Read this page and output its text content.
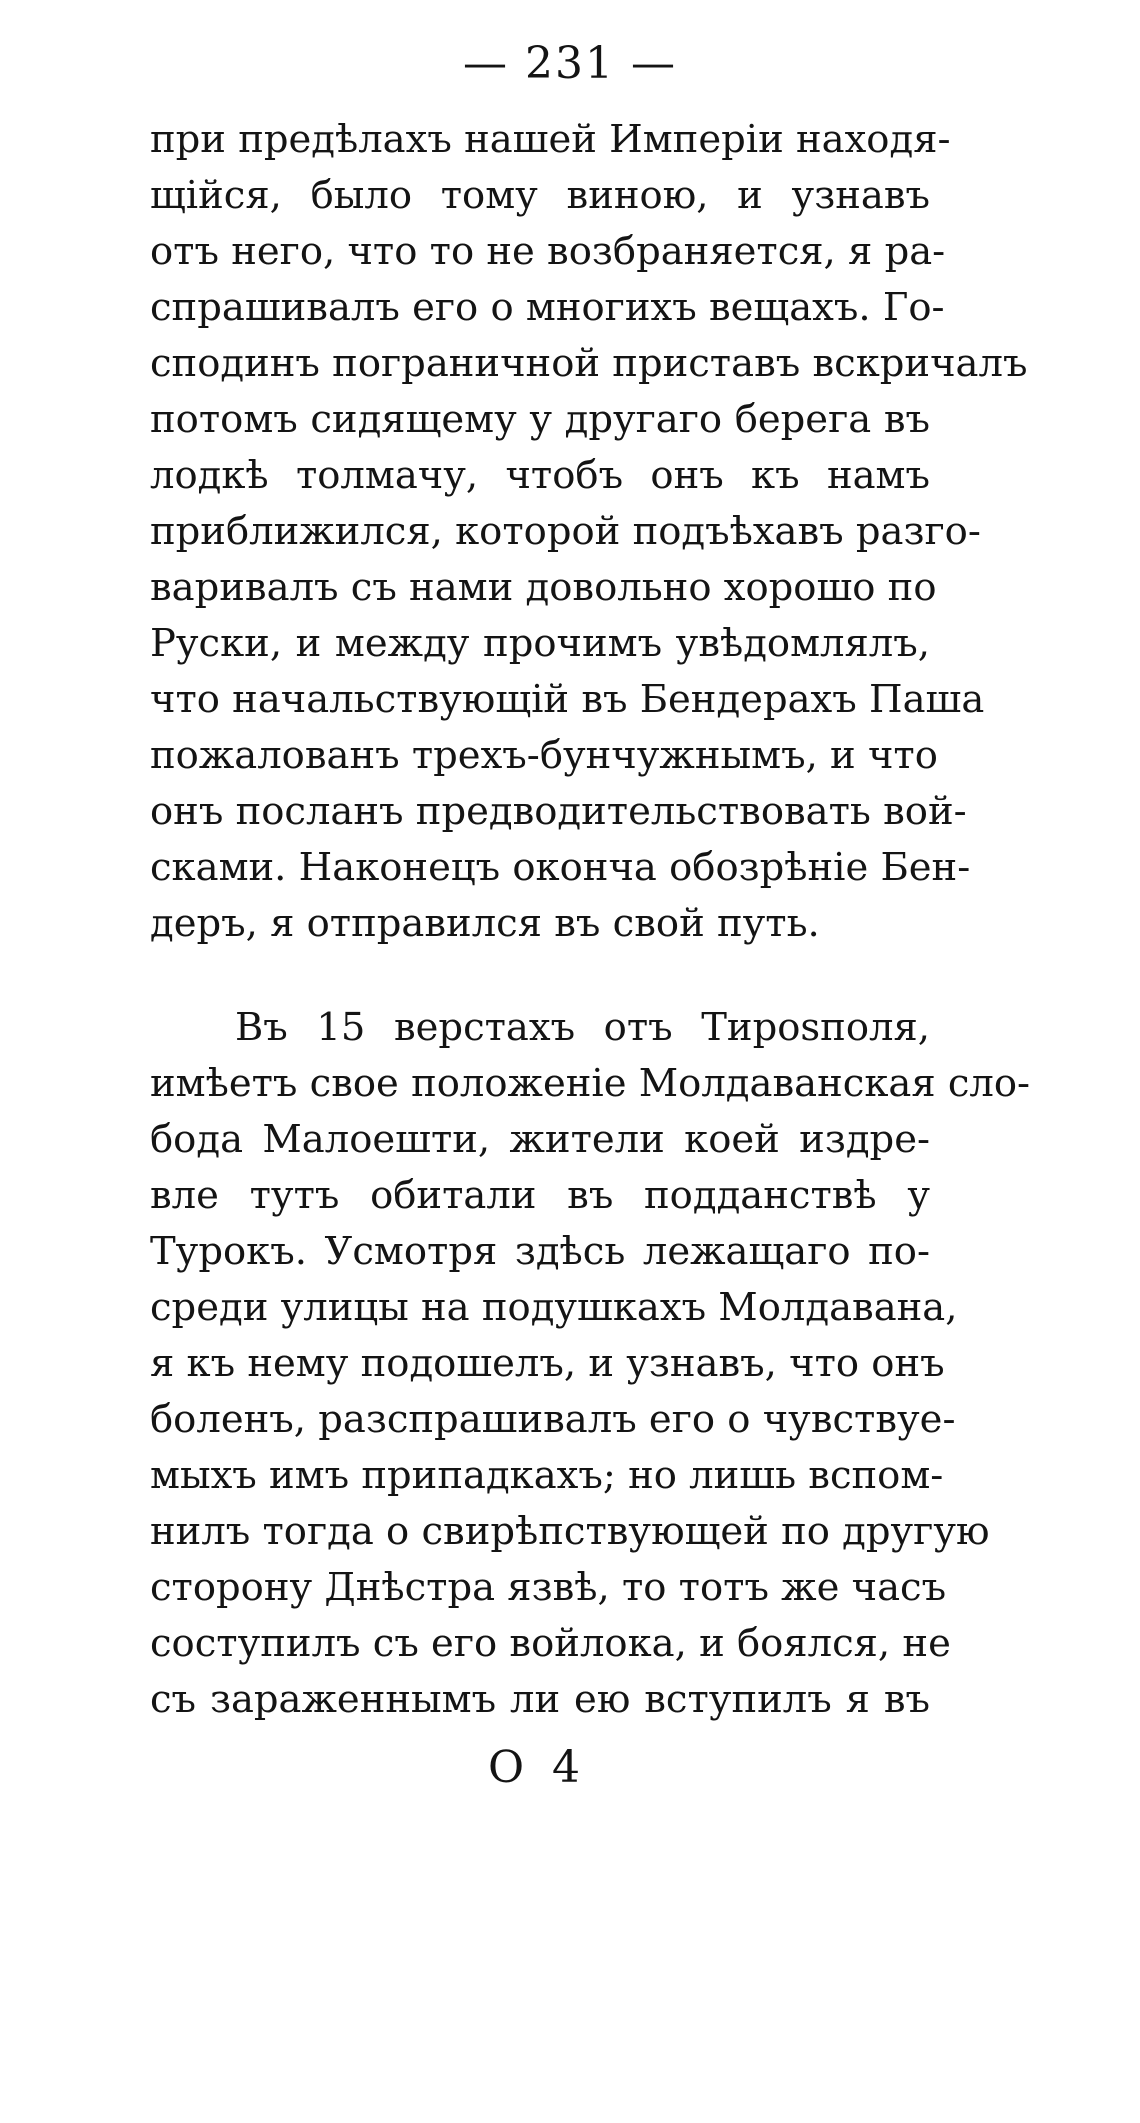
— 231 —
при предѣлахъ нашей Имперіи находя-
щійся, было тому виною, и узнавъ
отъ него, что то не возбраняется, я ра-
спрашивалъ его о многихъ вещахъ. Го-
сподинъ пограничной приставъ вскричалъ
потомъ сидящему у другаго берега въ
лодкѣ толмачу, чтобъ онъ къ намъ
приближился, которой подъѣхавъ разго-
варивалъ съ нами довольно хорошо по
Руски, и между прочимъ увѣдомлялъ,
что начальствующій въ Бендерахъ Паша
пожалованъ трехъ-бунчужнымъ, и что
онъ посланъ предводительствовать вой-
сками. Наконецъ окончa обозрѣніе Бен-
деръ, я отправился въ свой путь.
Въ 15 верстахъ отъ Тирosполя,
имѣетъ свое положеніе Молдаванская сло-
бода Малоешти, жители коей издре-
вле тутъ обитали въ подданствѣ у
Турокъ. Усмотря здѣсь лежащаго по-
среди улицы на подушкахъ Молдавана,
я къ нему подошелъ, и узнавъ, что онъ
боленъ, разспрашивалъ его о чувствуе-
мыхъ имъ припадкахъ; но лишь вспом-
нилъ тогда о свирѣпствующей по другую
сторону Днѣстра язвѣ, то тотъ же часъ
соступилъ съ его войлока, и боялся, не
съ зараженнымъ ли ею вступилъ я въ
О  4
